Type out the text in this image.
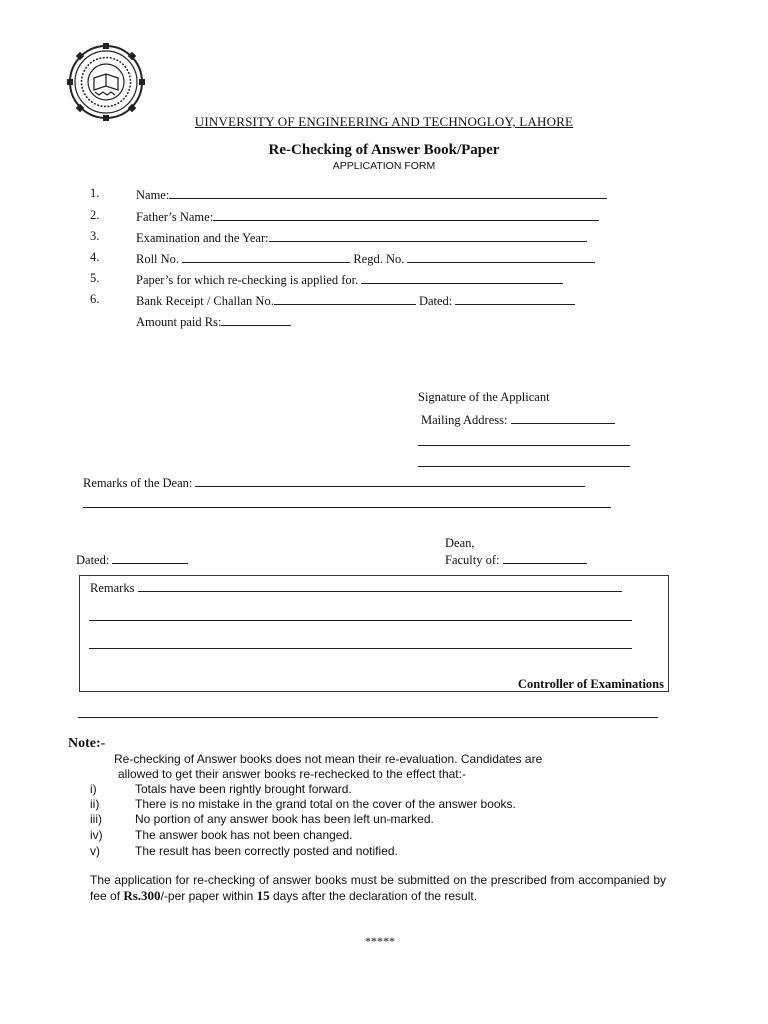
UINVERSITY OF ENGINEERING AND TECHNOGLOY, LAHORE
Re-Checking of Answer Book/Paper
APPLICATION FORM
1.	Name:
2.	Father’s Name:
3.	Examination and the Year:
4.	Roll No.	Regd. No.
5.	Paper’s for which re-checking is applied for.
6.	Bank Receipt / Challan No.	Dated:
Amount paid Rs:
Signature of the Applicant
Mailing Address:
Remarks of the Dean:
Dean,
Dated:	Faculty of:
Remarks
Controller of Examinations
Note:-
Re-checking of Answer books does not mean their re-evaluation. Candidates are
allowed to get their answer books re-rechecked to the effect that:-
i)	Totals have been rightly brought forward.
ii)	There is no mistake in the grand total on the cover of the answer books.
iii)	No portion of any answer book has been left un-marked.
iv)	The answer book has not been changed.
v)	The result has been correctly posted and notified.
The application for re-checking of answer books must be submitted on the prescribed from accompanied by fee of Rs.300/-per paper within 15 days after the declaration of the result.
*****
